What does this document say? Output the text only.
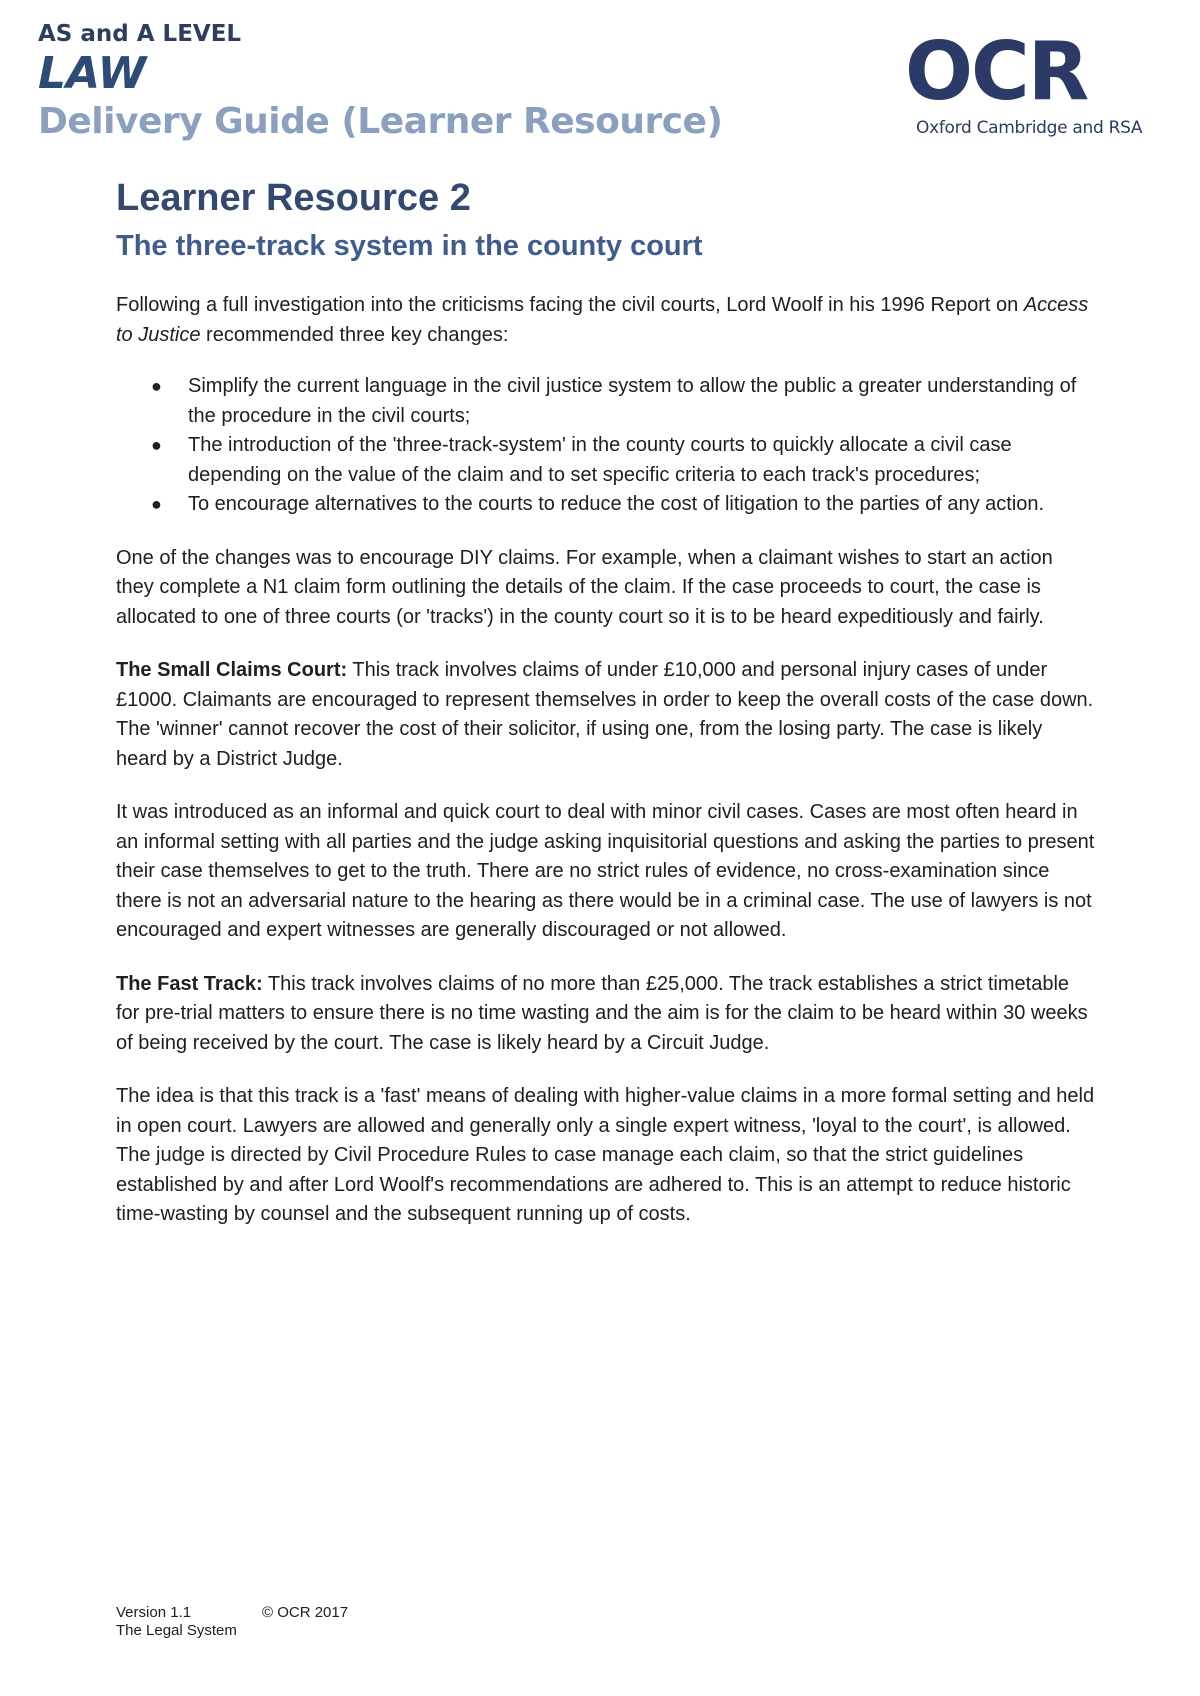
AS and A LEVEL
LAW
Delivery Guide (Learner Resource)
OCR
Oxford Cambridge and RSA
Learner Resource 2
The three-track system in the county court

Following a full investigation into the criticisms facing the civil courts, Lord Woolf in his 1996 Report on Access to Justice recommended three key changes:

● Simplify the current language in the civil justice system to allow the public a greater understanding of the procedure in the civil courts;
● The introduction of the 'three-track-system' in the county courts to quickly allocate a civil case depending on the value of the claim and to set specific criteria to each track's procedures;
● To encourage alternatives to the courts to reduce the cost of litigation to the parties of any action.

One of the changes was to encourage DIY claims. For example, when a claimant wishes to start an action they complete a N1 claim form outlining the details of the claim. If the case proceeds to court, the case is allocated to one of three courts (or 'tracks') in the county court so it is to be heard expeditiously and fairly.

The Small Claims Court: This track involves claims of under £10,000 and personal injury cases of under £1000. Claimants are encouraged to represent themselves in order to keep the overall costs of the case down. The 'winner' cannot recover the cost of their solicitor, if using one, from the losing party. The case is likely heard by a District Judge.

It was introduced as an informal and quick court to deal with minor civil cases. Cases are most often heard in an informal setting with all parties and the judge asking inquisitorial questions and asking the parties to present their case themselves to get to the truth. There are no strict rules of evidence, no cross-examination since there is not an adversarial nature to the hearing as there would be in a criminal case. The use of lawyers is not encouraged and expert witnesses are generally discouraged or not allowed.

The Fast Track: This track involves claims of no more than £25,000. The track establishes a strict timetable for pre-trial matters to ensure there is no time wasting and the aim is for the claim to be heard within 30 weeks of being received by the court. The case is likely heard by a Circuit Judge.

The idea is that this track is a 'fast' means of dealing with higher-value claims in a more formal setting and held in open court. Lawyers are allowed and generally only a single expert witness, 'loyal to the court', is allowed. The judge is directed by Civil Procedure Rules to case manage each claim, so that the strict guidelines established by and after Lord Woolf's recommendations are adhered to. This is an attempt to reduce historic time-wasting by counsel and the subsequent running up of costs.

Version 1.1	© OCR 2017
The Legal System
